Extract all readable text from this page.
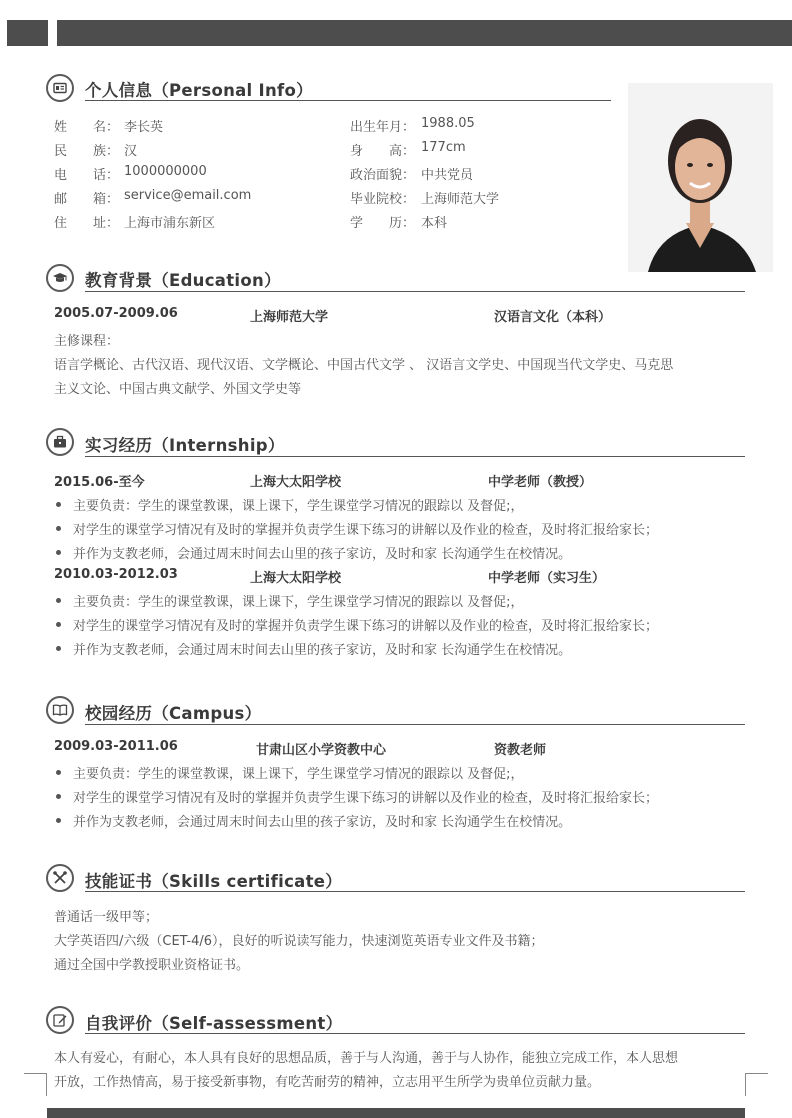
个人信息（Personal Info）
姓　　名： 李长英
民　　族： 汉
电　　话： 1000000000
邮　　箱： service@email.com
住　　址： 上海市浦东新区
出生年月： 1988.05
身　　高： 177cm
政治面貌： 中共党员
毕业院校： 上海师范大学
学　　历： 本科
教育背景（Education）
2005.07-2009.06	上海师范大学	汉语言文化（本科）
主修课程：
语言学概论、古代汉语、现代汉语、文学概论、中国古代文学 、 汉语言文学史、中国现当代文学史、马克思
主义文论、中国古典文献学、外国文学史等
实习经历（Internship）
2015.06-至今	上海大太阳学校	中学老师（教授）
主要负责：学生的课堂教课，课上课下，学生课堂学习情况的跟踪以 及督促;，
对学生的课堂学习情况有及时的掌握并负责学生课下练习的讲解以及作业的检查，及时将汇报给家长；
并作为支教老师，会通过周末时间去山里的孩子家访，及时和家 长沟通学生在校情况。
2010.03-2012.03	上海大太阳学校	中学老师（实习生）
主要负责：学生的课堂教课，课上课下，学生课堂学习情况的跟踪以 及督促;，
对学生的课堂学习情况有及时的掌握并负责学生课下练习的讲解以及作业的检查，及时将汇报给家长；
并作为支教老师，会通过周末时间去山里的孩子家访，及时和家 长沟通学生在校情况。
校园经历（Campus）
2009.03-2011.06	甘肃山区小学资教中心	资教老师
主要负责：学生的课堂教课，课上课下，学生课堂学习情况的跟踪以 及督促;，
对学生的课堂学习情况有及时的掌握并负责学生课下练习的讲解以及作业的检查，及时将汇报给家长；
并作为支教老师，会通过周末时间去山里的孩子家访，及时和家 长沟通学生在校情况。
技能证书（Skills certificate）
普通话一级甲等；
大学英语四/六级（CET-4/6），良好的听说读写能力，快速浏览英语专业文件及书籍；
通过全国中学教授职业资格证书。
自我评价（Self-assessment）
本人有爱心，有耐心，本人具有良好的思想品质，善于与人沟通，善于与人协作，能独立完成工作，本人思想
开放，工作热情高，易于接受新事物，有吃苦耐劳的精神，立志用平生所学为贵单位贡献力量。
